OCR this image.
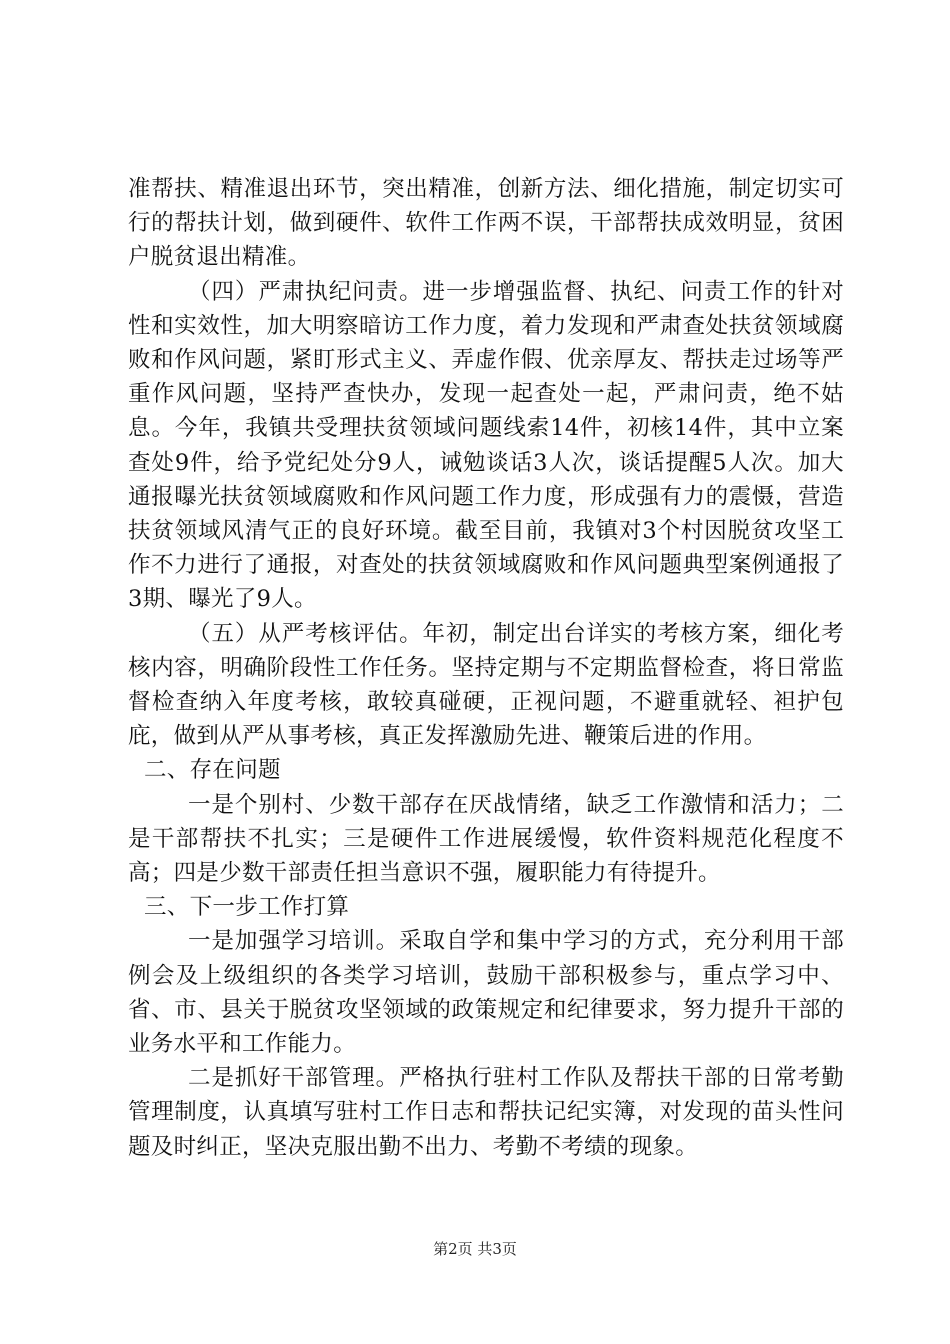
准帮扶、精准退出环节，突出精准，创新方法、细化措施，制定切实可行的帮扶计划，做到硬件、软件工作两不误，干部帮扶成效明显，贫困户脱贫退出精准。

（四）严肃执纪问责。进一步增强监督、执纪、问责工作的针对性和实效性，加大明察暗访工作力度，着力发现和严肃查处扶贫领域腐败和作风问题，紧盯形式主义、弄虚作假、优亲厚友、帮扶走过场等严重作风问题，坚持严查快办，发现一起查处一起，严肃问责，绝不姑息。今年，我镇共受理扶贫领域问题线索14件，初核14件，其中立案查处9件，给予党纪处分9人，诫勉谈话3人次，谈话提醒5人次。加大通报曝光扶贫领域腐败和作风问题工作力度，形成强有力的震慑，营造扶贫领域风清气正的良好环境。截至目前，我镇对3个村因脱贫攻坚工作不力进行了通报，对查处的扶贫领域腐败和作风问题典型案例通报了3期、曝光了9人。

（五）从严考核评估。年初，制定出台详实的考核方案，细化考核内容，明确阶段性工作任务。坚持定期与不定期监督检查，将日常监督检查纳入年度考核，敢较真碰硬，正视问题，不避重就轻、袒护包庇，做到从严从事考核，真正发挥激励先进、鞭策后进的作用。

二、存在问题

一是个别村、少数干部存在厌战情绪，缺乏工作激情和活力；二是干部帮扶不扎实；三是硬件工作进展缓慢，软件资料规范化程度不高；四是少数干部责任担当意识不强，履职能力有待提升。

三、下一步工作打算

一是加强学习培训。采取自学和集中学习的方式，充分利用干部例会及上级组织的各类学习培训，鼓励干部积极参与，重点学习中、省、市、县关于脱贫攻坚领域的政策规定和纪律要求，努力提升干部的业务水平和工作能力。

二是抓好干部管理。严格执行驻村工作队及帮扶干部的日常考勤管理制度，认真填写驻村工作日志和帮扶记纪实簿，对发现的苗头性问题及时纠正，坚决克服出勤不出力、考勤不考绩的现象。

第2页 共3页
